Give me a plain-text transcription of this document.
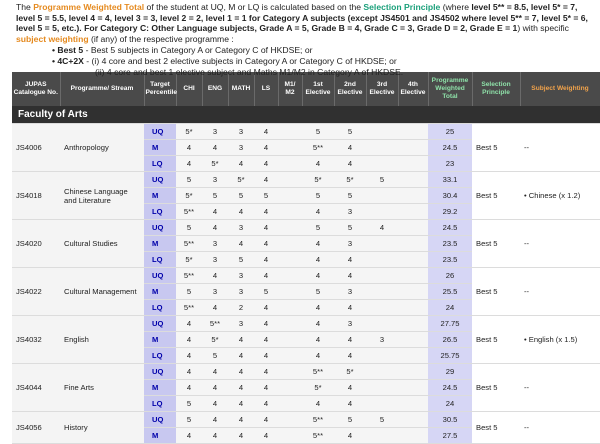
The Programme Weighted Total of the student at UQ, M or LQ is calculated based on the Selection Principle (where level 5** = 8.5, level 5* = 7, level 5 = 5.5, level 4 = 4, level 3 = 3, level 2 = 2, level 1 = 1 for Category A subjects (except JS4501 and JS4502 where level 5** = 7, level 5* = 6, level 5 = 5, etc.). For Category C: Other Language subjects, Grade A = 5, Grade B = 4, Grade C = 3, Grade D = 2, Grade E = 1) with specific subject weighting (if any) of the respective programme :

• Best 5 - Best 5 subjects in Category A or Category C of HKDSE; or
• 4C+2X - (i) 4 core and best 2 elective subjects in Category A or Category C of HKDSE; or
(ii) 4 core and best 1 elective subject and Maths M1/M2 in Category A of HKDSE.
JUPAS Catalogue No.	Programme/ Stream	Target Percentile	CHI	ENG	MATH	LS	M1/ M2	1st Elective	2nd Elective	3rd Elective	4th Elective	Programme Weighted Total	Selection Principle	Subject Weighting
Faculty of Arts														
JS4006	Anthropology	UQ	5*	3	3	4		5	5			25	Best 5	--
		M	4	4	3	4		5**	4			24.5		
		LQ	4	5*	4	4		4	4			23		
JS4018	Chinese Language and Literature	UQ	5	3	5*	4		5*	5*	5		33.1	Best 5	• Chinese (x 1.2)
		M	5*	5	5	5		5	5			30.4		
		LQ	5**	4	4	4		4	3			29.2		
JS4020	Cultural Studies	UQ	5	4	3	4		5	5	4		24.5	Best 5	--
		M	5**	3	4	4		4	3			23.5		
		LQ	5*	3	5	4		4	4			23.5		
JS4022	Cultural Management	UQ	5**	4	3	4		4	4			26	Best 5	--
		M	5	3	3	5		5	3			25.5		
		LQ	5**	4	2	4		4	4			24		
JS4032	English	UQ	4	5**	3	4		4	3			27.75	Best 5	• English (x 1.5)
		M	4	5*	4	4		4	4	3		26.5		
		LQ	4	5	4	4		4	4			25.75		
JS4044	Fine Arts	UQ	4	4	4	4		5**	5*			29	Best 5	--
		M	4	4	4	4		5*	4			24.5		
		LQ	5	4	4	4		4	4			24		
JS4056	History	UQ	5	4	4	4		5**	5	5		30.5	Best 5	--
		M	4	4	4	4		5**	4			27.5		
